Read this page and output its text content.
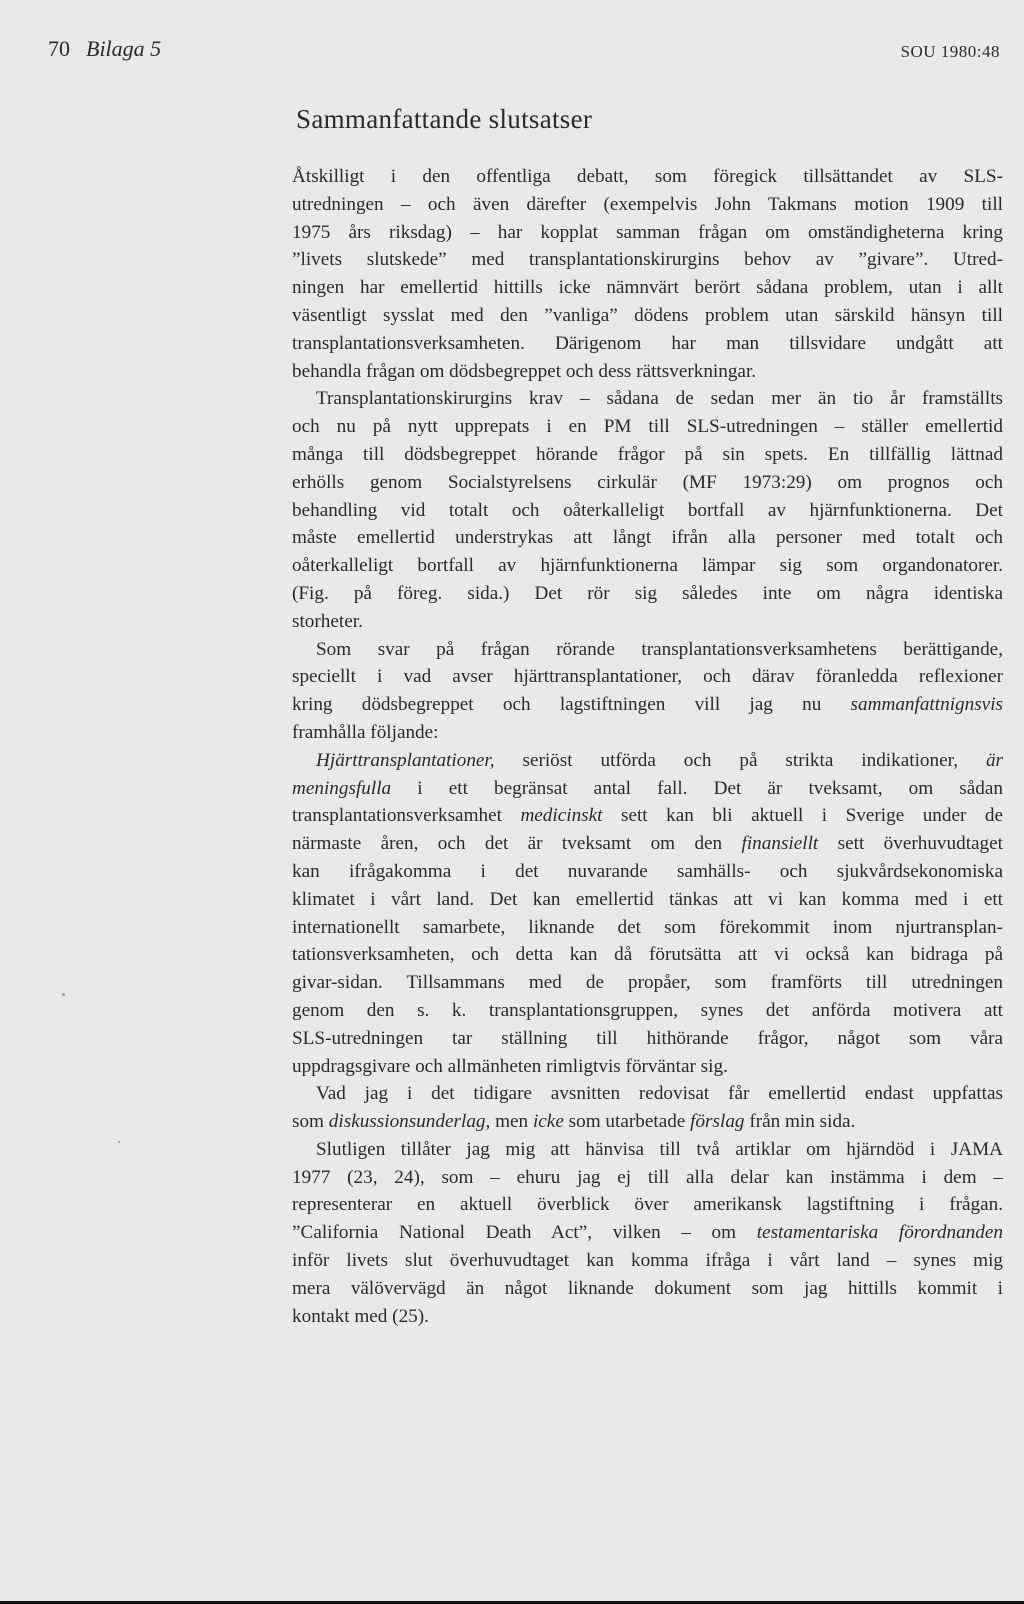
70 Bilaga 5	SOU 1980:48
Sammanfattande slutsatser
Åtskilligt i den offentliga debatt, som föregick tillsättandet av SLS-
utredningen – och även därefter (exempelvis John Takmans motion 1909 till
1975 års riksdag) – har kopplat samman frågan om omständigheterna kring
”livets slutskede” med transplantationskirurgins behov av ”givare”. Utred-
ningen har emellertid hittills icke nämnvärt berört sådana problem, utan i allt
väsentligt sysslat med den ”vanliga” dödens problem utan särskild hänsyn till
transplantationsverksamheten. Därigenom har man tillsvidare undgått att
behandla frågan om dödsbegreppet och dess rättsverkningar.
Transplantationskirurgins krav – sådana de sedan mer än tio år framställts
och nu på nytt upprepats i en PM till SLS-utredningen – ställer emellertid
många till dödsbegreppet hörande frågor på sin spets. En tillfällig lättnad
erhölls genom Socialstyrelsens cirkulär (MF 1973:29) om prognos och
behandling vid totalt och oåterkalleligt bortfall av hjärnfunktionerna. Det
måste emellertid understrykas att långt ifrån alla personer med totalt och
oåterkalleligt bortfall av hjärnfunktionerna lämpar sig som organdonatorer.
(Fig. på föreg. sida.) Det rör sig således inte om några identiska
storheter.
Som svar på frågan rörande transplantationsverksamhetens berättigande,
speciellt i vad avser hjärttransplantationer, och därav föranledda reflexioner
kring dödsbegreppet och lagstiftningen vill jag nu sammanfattnignsvis
framhålla följande:
Hjärttransplantationer, seriöst utförda och på strikta indikationer, är
meningsfulla i ett begränsat antal fall. Det är tveksamt, om sådan
transplantationsverksamhet medicinskt sett kan bli aktuell i Sverige under de
närmaste åren, och det är tveksamt om den finansiellt sett överhuvudtaget
kan ifrågakomma i det nuvarande samhälls- och sjukvårdsekonomiska
klimatet i vårt land. Det kan emellertid tänkas att vi kan komma med i ett
internationellt samarbete, liknande det som förekommit inom njurtransplan-
tationsverksamheten, och detta kan då förutsätta att vi också kan bidraga på
givar-sidan. Tillsammans med de propåer, som framförts till utredningen
genom den s. k. transplantationsgruppen, synes det anförda motivera att
SLS-utredningen tar ställning till hithörande frågor, något som våra
uppdragsgivare och allmänheten rimligtvis förväntar sig.
Vad jag i det tidigare avsnitten redovisat får emellertid endast uppfattas
som diskussionsunderlag, men icke som utarbetade förslag från min sida.
Slutligen tillåter jag mig att hänvisa till två artiklar om hjärndöd i JAMA
1977 (23, 24), som – ehuru jag ej till alla delar kan instämma i dem –
representerar en aktuell överblick över amerikansk lagstiftning i frågan.
”California National Death Act”, vilken – om testamentariska förordnanden
inför livets slut överhuvudtaget kan komma ifråga i vårt land – synes mig
mera välövervägd än något liknande dokument som jag hittills kommit i
kontakt med (25).
